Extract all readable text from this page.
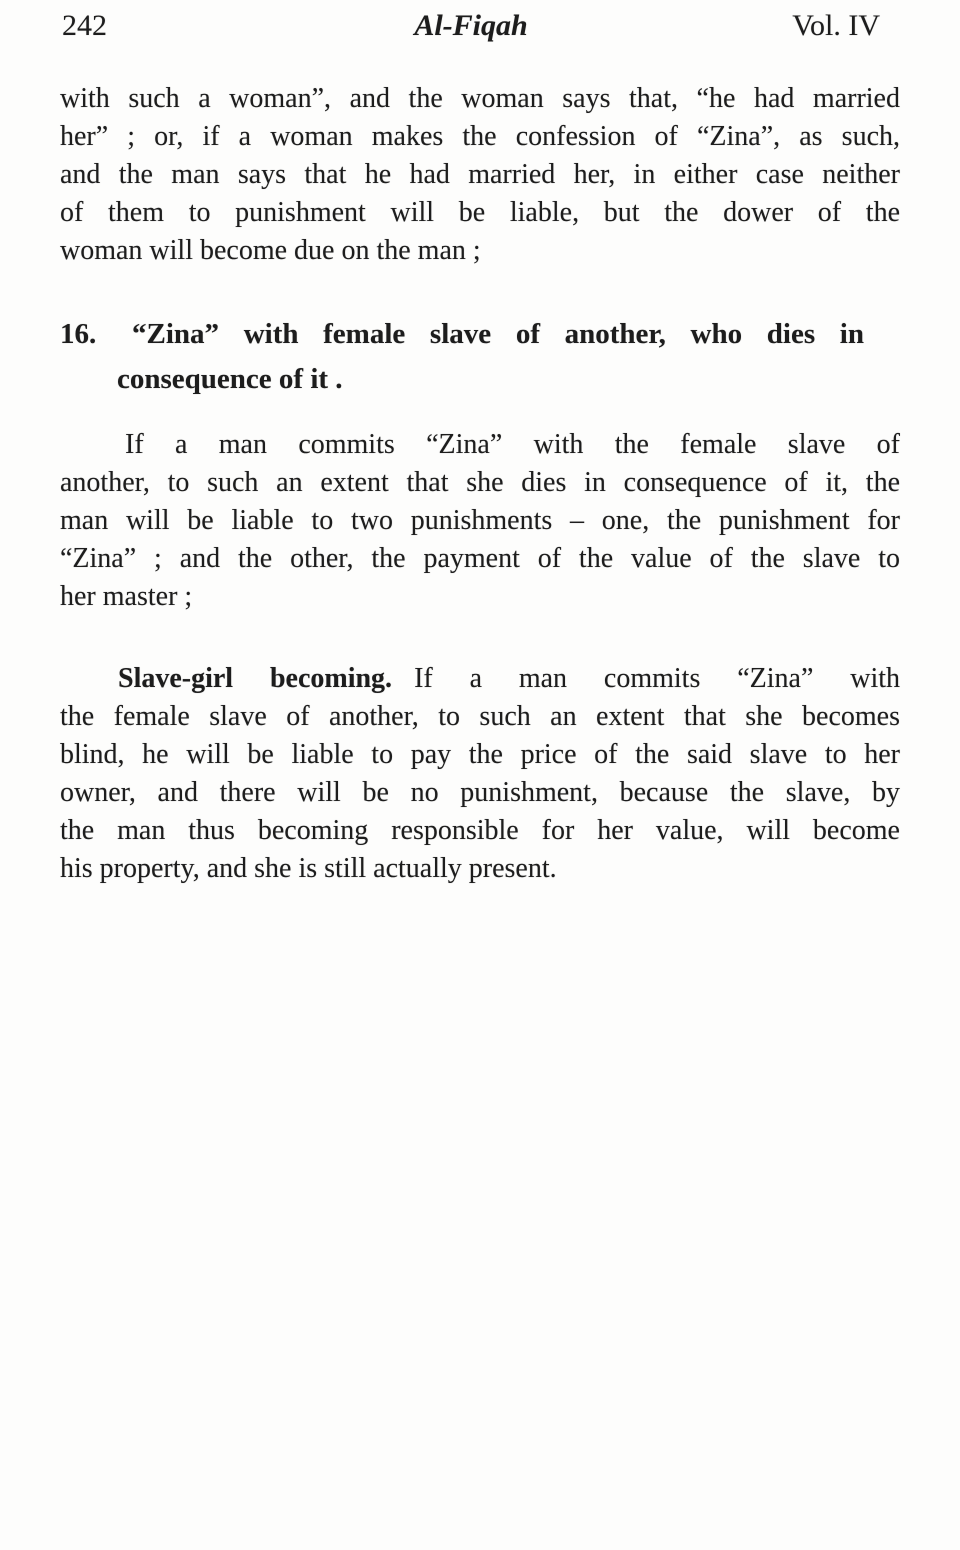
242	Al-Fiqah	Vol. IV
with such a woman”, and the woman says that, “he had married
her” ; or, if a woman makes the confession of “Zina”, as such,
and the man says that he had married her, in either case neither
of them to punishment will be liable, but the dower of the
woman will become due on the man ;
16.	“Zina” with female slave of another, who dies in
consequence of it .
If a man commits “Zina” with the female slave of
another, to such an extent that she dies in consequence of it, the
man will be liable to two punishments – one, the punishment for
“Zina” ; and the other, the payment of the value of the slave to
her master ;
Slave-girl becoming. If a man commits “Zina” with
the female slave of another, to such an extent that she becomes
blind, he will be liable to pay the price of the said slave to her
owner, and there will be no punishment, because the slave, by
the man thus becoming responsible for her value, will become
his property, and she is still actually present.
